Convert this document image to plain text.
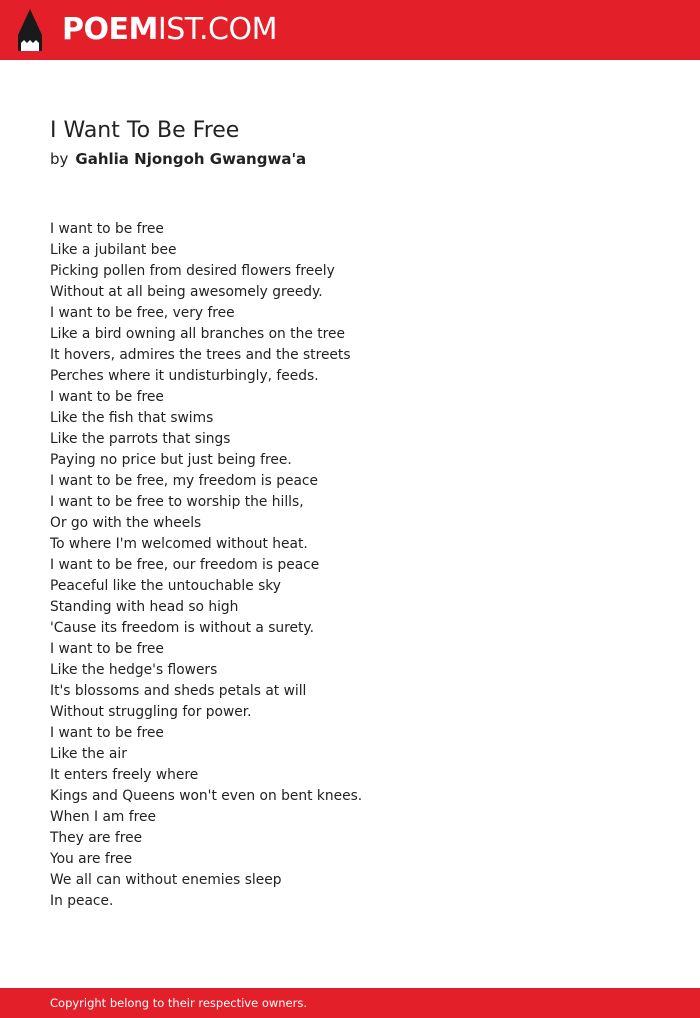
POEMIST.COM
I Want To Be Free
by Gahlia Njongoh Gwangwa'a
I want to be free
Like a jubilant bee
Picking pollen from desired flowers freely
Without at all being awesomely greedy.
I want to be free, very free
Like a bird owning all branches on the tree
It hovers, admires the trees and the streets
Perches where it undisturbingly, feeds.
I want to be free
Like the fish that swims
Like the parrots that sings
Paying no price but just being free.
I want to be free, my freedom is peace
I want to be free to worship the hills,
Or go with the wheels
To where I'm welcomed without heat.
I want to be free, our freedom is peace
Peaceful like the untouchable sky
Standing with head so high
'Cause its freedom is without a surety.
I want to be free
Like the hedge's flowers
It's blossoms and sheds petals at will
Without struggling for power.
I want to be free
Like the air
It enters freely where
Kings and Queens won't even on bent knees.
When I am free
They are free
You are free
We all can without enemies sleep
In peace.
Copyright belong to their respective owners.
